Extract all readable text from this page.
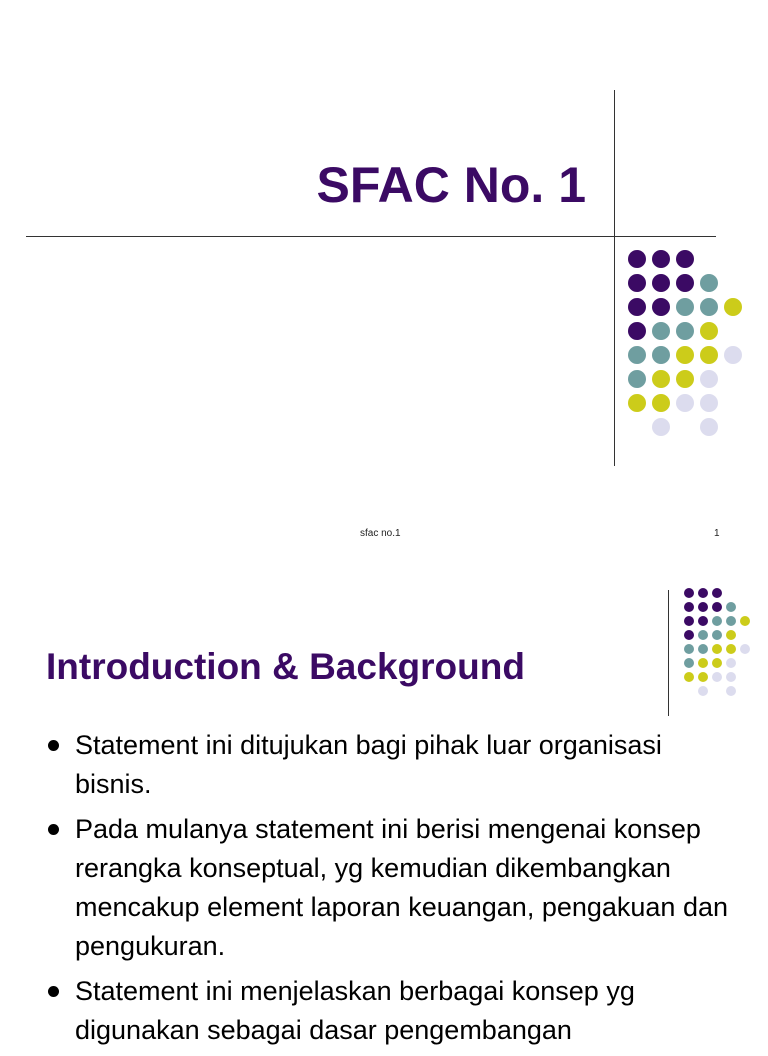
SFAC No. 1
sfac no.1	1
Introduction & Background
Statement ini ditujukan bagi pihak luar organisasi bisnis.
Pada mulanya statement ini berisi mengenai konsep rerangka konseptual, yg kemudian dikembangkan mencakup element laporan keuangan, pengakuan dan pengukuran.
Statement ini menjelaskan berbagai konsep yg digunakan sebagai dasar pengembangan
